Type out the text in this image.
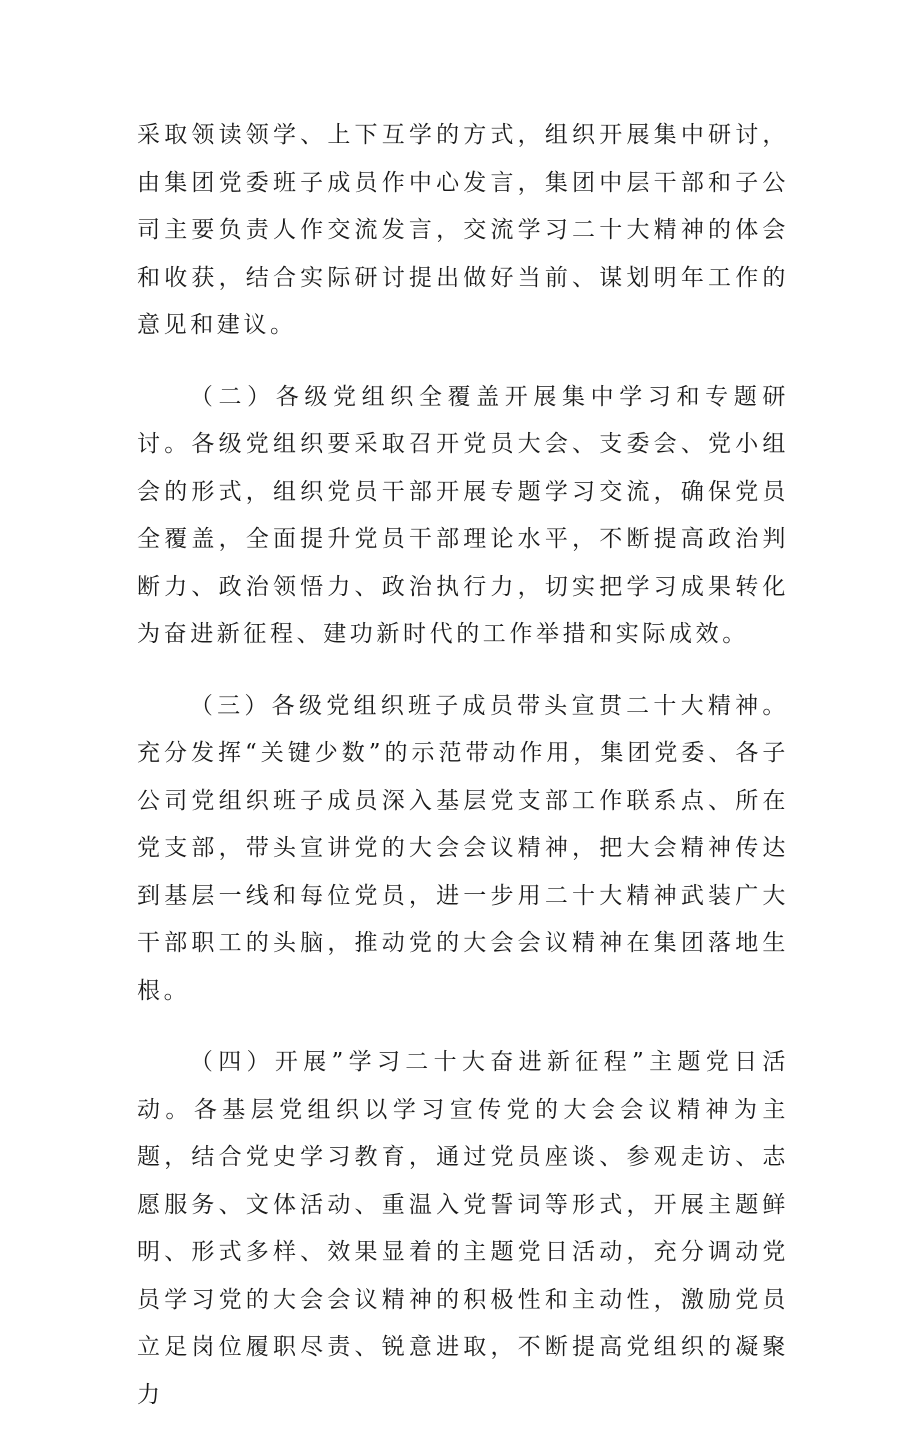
采取领读领学、上下互学的方式，组织开展集中研讨，由集团党委班子成员作中心发言，集团中层干部和子公司主要负责人作交流发言，交流学习二十大精神的体会和收获，结合实际研讨提出做好当前、谋划明年工作的意见和建议。

（二）各级党组织全覆盖开展集中学习和专题研讨。各级党组织要采取召开党员大会、支委会、党小组会的形式，组织党员干部开展专题学习交流，确保党员全覆盖，全面提升党员干部理论水平，不断提高政治判断力、政治领悟力、政治执行力，切实把学习成果转化为奋进新征程、建功新时代的工作举措和实际成效。

（三）各级党组织班子成员带头宣贯二十大精神。充分发挥“关键少数”的示范带动作用，集团党委、各子公司党组织班子成员深入基层党支部工作联系点、所在党支部，带头宣讲党的大会会议精神，把大会精神传达到基层一线和每位党员，进一步用二十大精神武装广大干部职工的头脑，推动党的大会会议精神在集团落地生根。

（四）开展”学习二十大奋进新征程”主题党日活动。各基层党组织以学习宣传党的大会会议精神为主题，结合党史学习教育，通过党员座谈、参观走访、志愿服务、文体活动、重温入党誓词等形式，开展主题鲜明、形式多样、效果显着的主题党日活动，充分调动党员学习党的大会会议精神的积极性和主动性，激励党员立足岗位履职尽责、锐意进取，不断提高党组织的凝聚力
